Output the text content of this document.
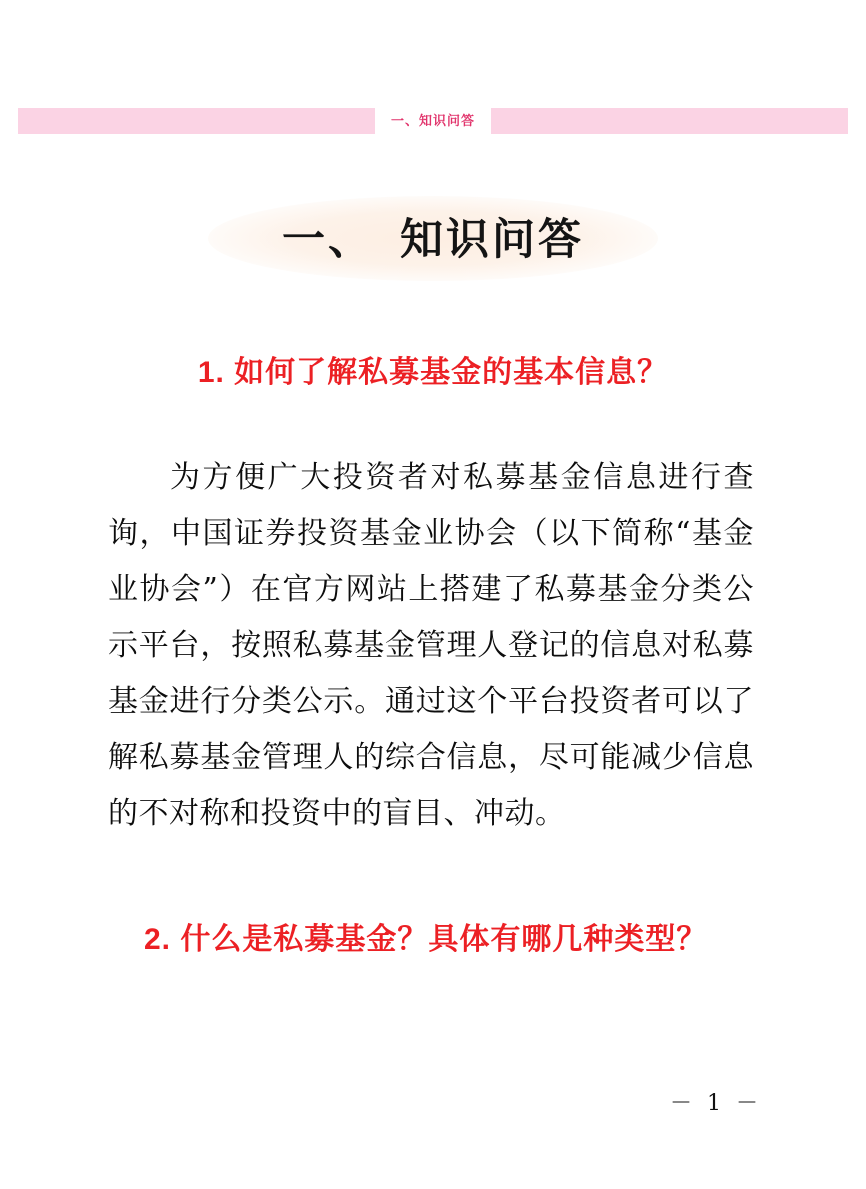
一、知识问答
一、 知识问答
1. 如何了解私募基金的基本信息？
为方便广大投资者对私募基金信息进行查询，中国证券投资基金业协会（以下简称“基金业协会”）在官方网站上搭建了私募基金分类公示平台，按照私募基金管理人登记的信息对私募基金进行分类公示。通过这个平台投资者可以了解私募基金管理人的综合信息，尽可能减少信息的不对称和投资中的盲目、冲动。
2. 什么是私募基金？具体有哪几种类型？
－ 1 －
